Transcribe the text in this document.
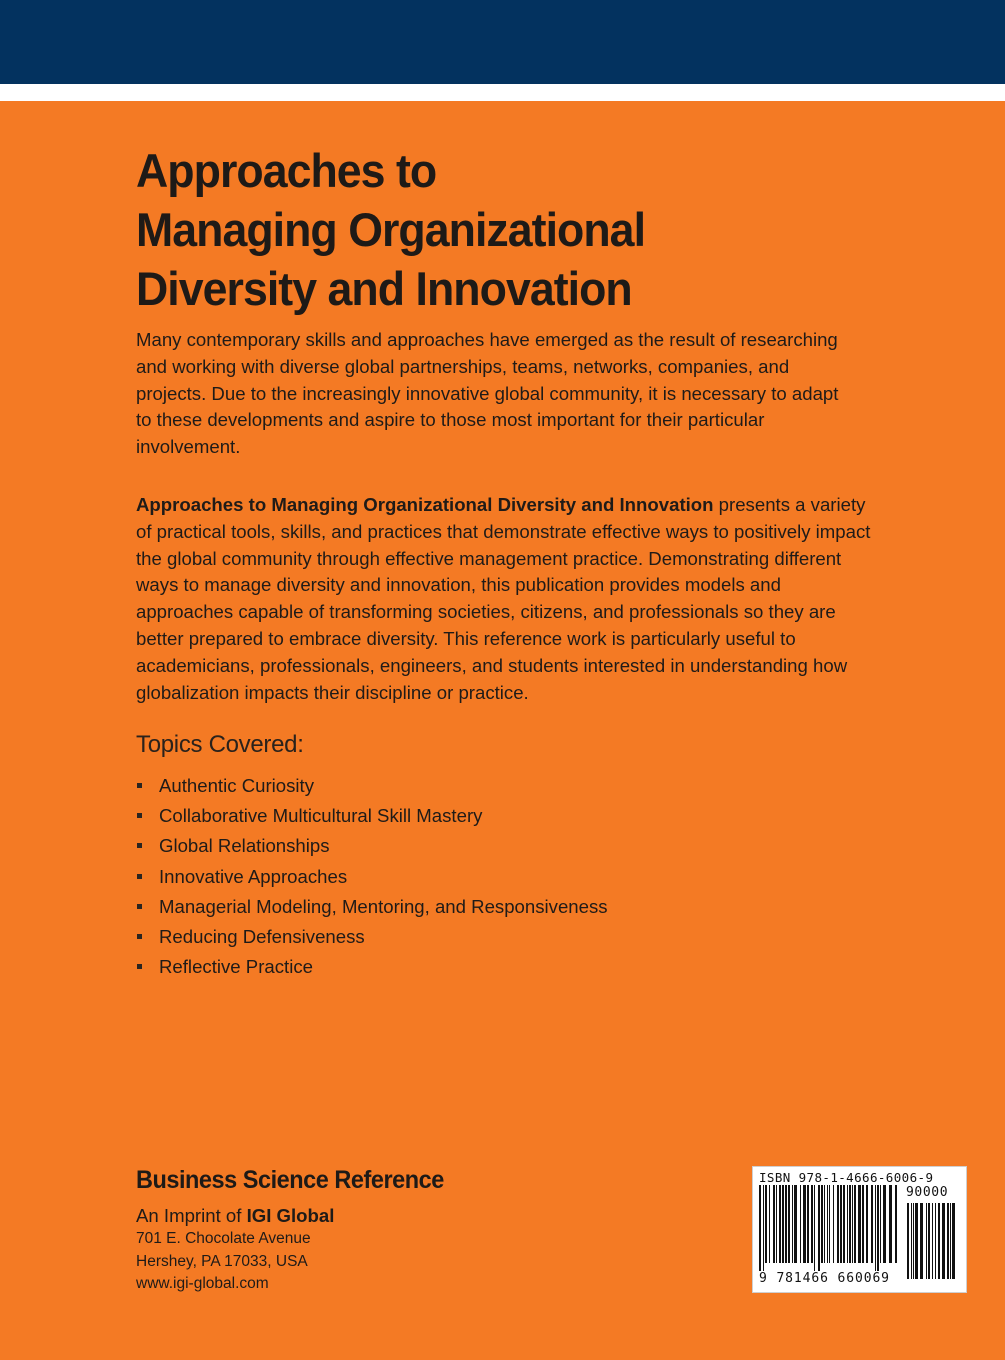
Approaches to
Managing Organizational
Diversity and Innovation

Many contemporary skills and approaches have emerged as the result of researching and working with diverse global partnerships, teams, networks, companies, and projects. Due to the increasingly innovative global community, it is necessary to adapt to these developments and aspire to those most important for their particular involvement.

Approaches to Managing Organizational Diversity and Innovation presents a variety of practical tools, skills, and practices that demonstrate effective ways to positively impact the global community through effective management practice. Demonstrating different ways to manage diversity and innovation, this publication provides models and approaches capable of transforming societies, citizens, and professionals so they are better prepared to embrace diversity. This reference work is particularly useful to academicians, professionals, engineers, and students interested in understanding how globalization impacts their discipline or practice.

Topics Covered:
Authentic Curiosity
Collaborative Multicultural Skill Mastery
Global Relationships
Innovative Approaches
Managerial Modeling, Mentoring, and Responsiveness
Reducing Defensiveness
Reflective Practice
Business Science Reference
An Imprint of IGI Global
701 E. Chocolate Avenue
Hershey, PA 17033, USA
www.igi-global.com
ISBN 978-1-4666-6006-9
90000
9 781466 660069
